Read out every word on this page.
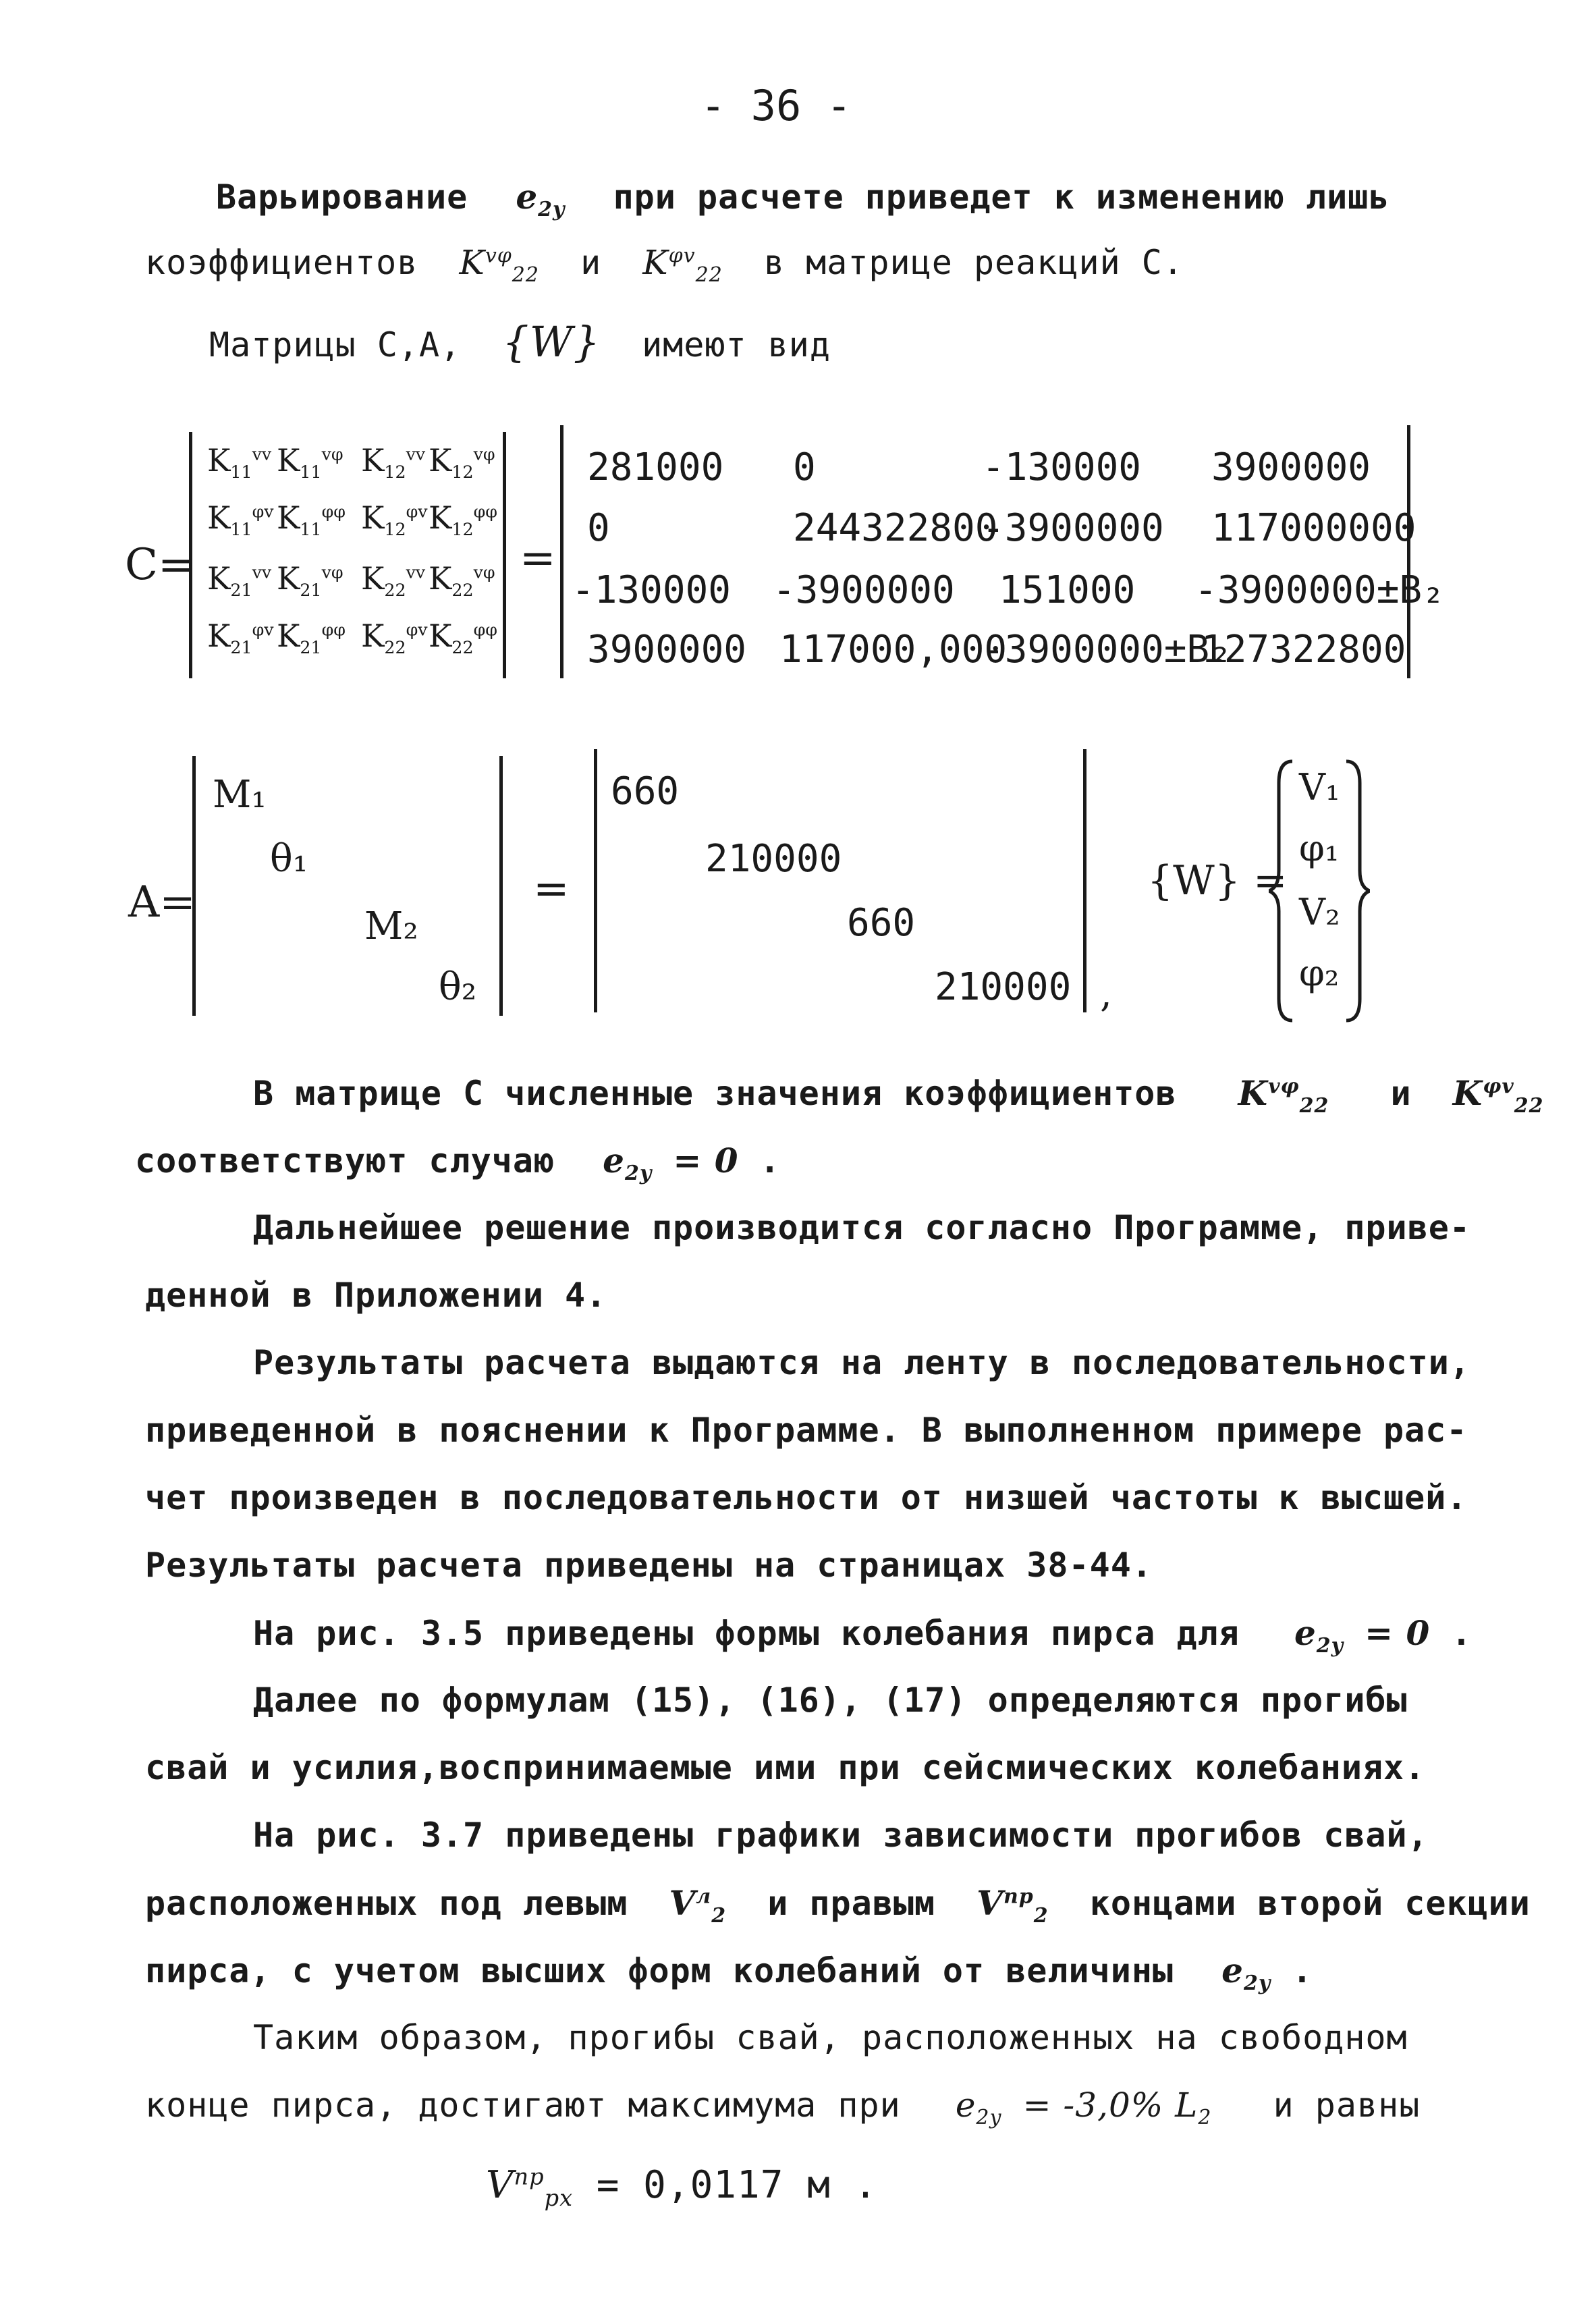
- 36 -
Варьирование $e_{2y}$ при расчете приведет к изменению лишь
коэффициентов $K^{v\varphi}_{22}$ и $K^{\varphi v}_{22}$ в матрице реакций C.
Матрицы C,A, {W} имеют вид
C=
$K_{11}^{vv}$ $K_{11}^{v\varphi}$ $K_{12}^{vv}$ $K_{12}^{v\varphi}$
$K_{11}^{\varphi v}$ $K_{11}^{\varphi\varphi}$ $K_{12}^{\varphi v}$ $K_{12}^{\varphi\varphi}$
$K_{21}^{vv}$ $K_{21}^{v\varphi}$ $K_{22}^{vv}$ $K_{22}^{v\varphi}$
$K_{21}^{\varphi v}$ $K_{21}^{\varphi\varphi}$ $K_{22}^{\varphi v}$ $K_{22}^{\varphi\varphi}$
=
281000 0	-130000 3900000
0	244322800
-3900000 117000000
-130000 -3900000 151000 -3900000±B₂
3900000 117000,000
-3900000±B₂
127322800
A=
M₁
θ₁
M₂
θ₂
=
660
210000
660
210000 ,
{W} =
V₁
φ₁
V₂
φ₂
В матрице C численные значения коэффициентов $K^{v\varphi}_{22}$ и $K^{\varphi v}_{22}$
соответствуют случаю $e_{2y} = 0$ .
Дальнейшее решение производится согласно Программе, приве-
денной в Приложении 4.
Результаты расчета выдаются на ленту в последовательности,
приведенной в пояснении к Программе. В выполненном примере рас-
чет произведен в последовательности от низшей частоты к высшей.
Результаты расчета приведены на страницах 38-44.
На рис. 3.5 приведены формы колебания пирса для $e_{2y} = 0$ .
Далее по формулам (15), (16), (17) определяются прогибы
свай и усилия,воспринимаемые ими при сейсмических колебаниях.
На рис. 3.7 приведены графики зависимости прогибов свай,
расположенных под левым $V^л_2$ и правым $V^{пр}_2$ концами второй секции
пирса, с учетом высших форм колебаний от величины $e_{2y}$ .
Таким образом, прогибы свай, расположенных на свободном
конце пирса, достигают максимума при $e_{2y} = -3,0\%$ $L_2$ и равны
$V^{пр}_{px} = 0,0117$ м .
